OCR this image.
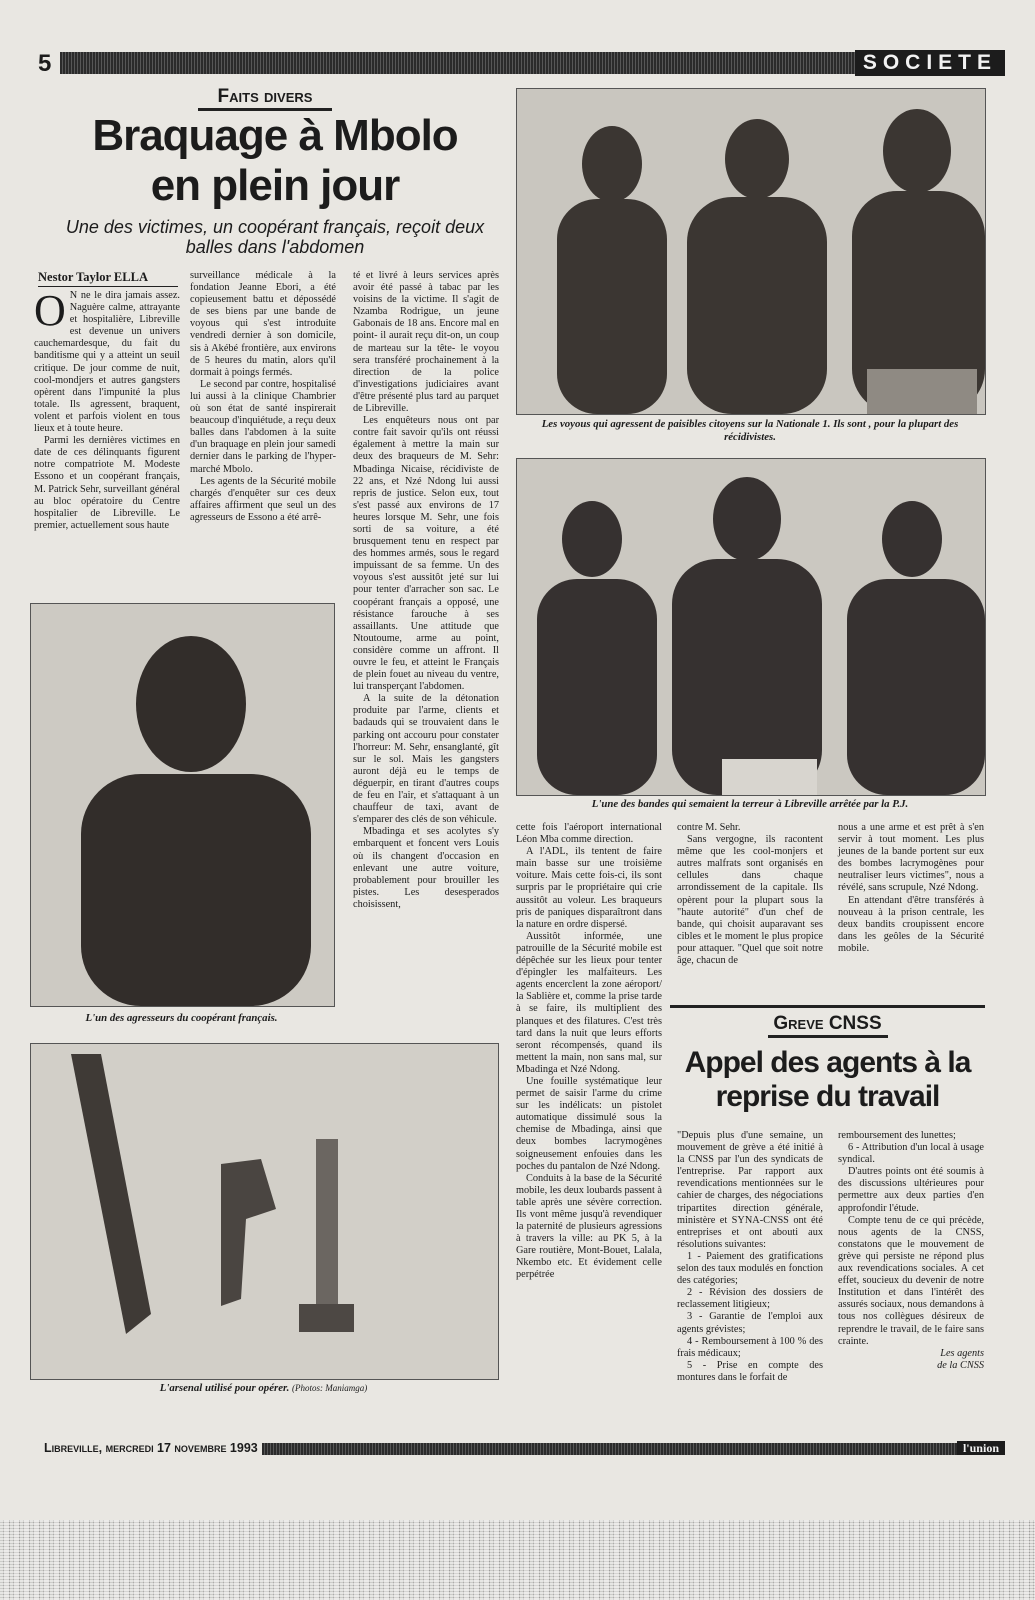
5	SOCIETE
Faits divers
Braquage à Mbolo
en plein jour
Une des victimes, un coopérant français, reçoit deux balles dans l'abdomen
Nestor Taylor ELLA
O N ne le dira jamais assez. Naguère calme, attrayante et hospitalière, Libreville est devenue un univers cauchemardesque, du fait du banditisme qui y a atteint un seuil critique. De jour comme de nuit, cool-mondjers et autres gangsters opèrent dans l'impunité la plus totale. Ils agressent, braquent, volent et parfois violent en tous lieux et à toute heure.

Parmi les dernières victimes en date de ces délinquants figurent notre compatriote M. Modeste Essono et un coopérant français, M. Patrick Sehr, surveillant général au bloc opératoire du Centre hospitalier de Libreville. Le premier, actuellement sous haute

surveillance médicale à la fondation Jeanne Ebori, a été copieusement battu et dépossédé de ses biens par une bande de voyous qui s'est introduite vendredi dernier à son domicile, sis à Akébé frontière, aux environs de 5 heures du matin, alors qu'il dormait à poings fermés.

Le second par contre, hospitalisé lui aussi à la clinique Chambrier où son état de santé inspirerait beaucoup d'inquiétude, a reçu deux balles dans l'abdomen à la suite d'un braquage en plein jour samedi dernier dans le parking de l'hyper-marché Mbolo.

Les agents de la Sécurité mobile chargés d'enquêter sur ces deux affaires affirment que seul un des agresseurs de Essono a été arrê-

té et livré à leurs services après avoir été passé à tabac par les voisins de la victime. Il s'agit de Nzamba Rodrigue, un jeune Gabonais de 18 ans. Encore mal en point- il aurait reçu dit-on, un coup de marteau sur la tête- le voyou sera transféré prochainement à la direction de la police d'investigations judiciaires avant d'être présenté plus tard au parquet de Libreville.

Les enquêteurs nous ont par contre fait savoir qu'ils ont réussi également à mettre la main sur deux des braqueurs de M. Sehr: Mbadinga Nicaise, récidiviste de 22 ans, et Nzé Ndong lui aussi repris de justice. Selon eux, tout s'est passé aux environs de 17 heures lorsque M. Sehr, une fois sorti de sa voiture, a été brusquement tenu en respect par des hommes armés, sous le regard impuissant de sa femme. Un des voyous s'est aussitôt jeté sur lui pour tenter d'arracher son sac. Le coopérant français a opposé, une résistance farouche à ses assaillants. Une attitude que Ntoutoume, arme au point, considère comme un affront. Il ouvre le feu, et atteint le Français de plein fouet au niveau du ventre, lui transperçant l'abdomen.

A la suite de la détonation produite par l'arme, clients et badauds qui se trouvaient dans le parking ont accouru pour constater l'horreur: M. Sehr, ensanglanté, gît sur le sol. Mais les gangsters auront déjà eu le temps de déguerpir, en tirant d'autres coups de feu en l'air, et s'attaquant à un chauffeur de taxi, avant de s'emparer des clés de son véhicule.

Mbadinga et ses acolytes s'y embarquent et foncent vers Louis où ils changent d'occasion en enlevant une autre voiture, probablement pour brouiller les pistes. Les desesperados choisissent,

Les voyous qui agressent de paisibles citoyens sur la Nationale 1. Ils sont , pour la plupart des récidivistes.
L'une des bandes qui semaient la terreur à Libreville arrêtée par la P.J.
L'un des agresseurs du coopérant français.

cette fois l'aéroport international Léon Mba comme direction.

A l'ADL, ils tentent de faire main basse sur une troisième voiture. Mais cette fois-ci, ils sont surpris par le propriétaire qui crie aussitôt au voleur. Les braqueurs pris de paniques disparaîtront dans la nature en ordre dispersé.

Aussitôt informée, une patrouille de la Sécurité mobile est dépêchée sur les lieux pour tenter d'épingler les malfaiteurs. Les agents encerclent la zone aéroport/ la Sablière et, comme la prise tarde à se faire, ils multiplient des planques et des filatures. C'est très tard dans la nuit que leurs efforts seront récompensés, quand ils mettent la main, non sans mal, sur Mbadinga et Nzé Ndong.

Une fouille systématique leur permet de saisir l'arme du crime sur les indélicats: un pistolet automatique dissimulé sous la chemise de Mbadinga, ainsi que deux bombes lacrymogènes soigneusement enfouies dans les poches du pantalon de Nzé Ndong.

Conduits à la base de la Sécurité mobile, les deux loubards passent à table après une sévère correction. Ils vont même jusqu'à revendiquer la paternité de plusieurs agressions à travers la ville: au PK 5, à la Gare routière, Mont-Bouet, Lalala, Nkembo etc. Et évidement celle perpétrée

contre M. Sehr.

Sans vergogne, ils racontent même que les cool-monjers et autres malfrats sont organisés en cellules dans chaque arrondissement de la capitale. Ils opèrent pour la plupart sous la "haute autorité" d'un chef de bande, qui choisit auparavant ses cibles et le moment le plus propice pour attaquer. "Quel que soit notre âge, chacun de

nous a une arme et est prêt à s'en servir à tout moment. Les plus jeunes de la bande portent sur eux des bombes lacrymogènes pour neutraliser leurs victimes", nous a révélé, sans scrupule, Nzé Ndong.

En attendant d'être transférés à nouveau à la prison centrale, les deux bandits croupissent encore dans les geôles de la Sécurité mobile.

L'arsenal utilisé pour opérer. (Photos: Maniamga)
Greve CNSS
Appel des agents à la
reprise du travail

"Depuis plus d'une semaine, un mouvement de grève a été initié à la CNSS par l'un des syndicats de l'entreprise. Par rapport aux revendications mentionnées sur le cahier de charges, des négociations tripartites direction générale, ministère et SYNA-CNSS ont été entreprises et ont abouti aux résolutions suivantes:

1 - Paiement des gratifications selon des taux modulés en fonction des catégories;

2 - Révision des dossiers de reclassement litigieux;

3 - Garantie de l'emploi aux agents grévistes;

4 - Remboursement à 100 % des frais médicaux;

5 - Prise en compte des montures dans le forfait de

remboursement des lunettes;

6 - Attribution d'un local à usage syndical.

D'autres points ont été soumis à des discussions ultérieures pour permettre aux deux parties d'en approfondir l'étude.

Compte tenu de ce qui précède, nous agents de la CNSS, constatons que le mouvement de grève qui persiste ne répond plus aux revendications sociales. A cet effet, soucieux du devenir de notre Institution et dans l'intérêt des assurés sociaux, nous demandons à tous nos collègues désireux de reprendre le travail, de le faire sans crainte.

Les agents
de la CNSS
Libreville, mercredi 17 novembre 1993	l'union
